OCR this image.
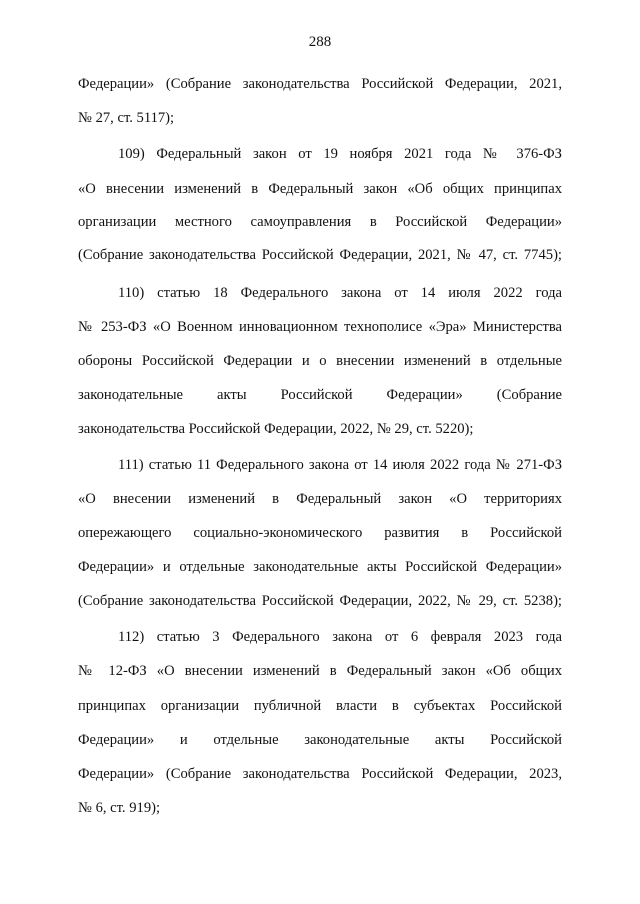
288
Федерации» (Собрание законодательства Российской Федерации, 2021,
№ 27, ст. 5117);
109) Федеральный закон от 19 ноября 2021 года № 376-ФЗ
«О внесении изменений в Федеральный закон «Об общих принципах
организации местного самоуправления в Российской Федерации»
(Собрание законодательства Российской Федерации, 2021, № 47, ст. 7745);
110) статью 18 Федерального закона от 14 июля 2022 года
№ 253-ФЗ «О Военном инновационном технополисе «Эра» Министерства
обороны Российской Федерации и о внесении изменений в отдельные
законодательные акты Российской Федерации» (Собрание
законодательства Российской Федерации, 2022, № 29, ст. 5220);
111) статью 11 Федерального закона от 14 июля 2022 года № 271-ФЗ
«О внесении изменений в Федеральный закон «О территориях
опережающего социально-экономического развития в Российской
Федерации» и отдельные законодательные акты Российской Федерации»
(Собрание законодательства Российской Федерации, 2022, № 29, ст. 5238);
112) статью 3 Федерального закона от 6 февраля 2023 года
№ 12-ФЗ «О внесении изменений в Федеральный закон «Об общих
принципах организации публичной власти в субъектах Российской
Федерации» и отдельные законодательные акты Российской
Федерации» (Собрание законодательства Российской Федерации, 2023,
№ 6, ст. 919);
